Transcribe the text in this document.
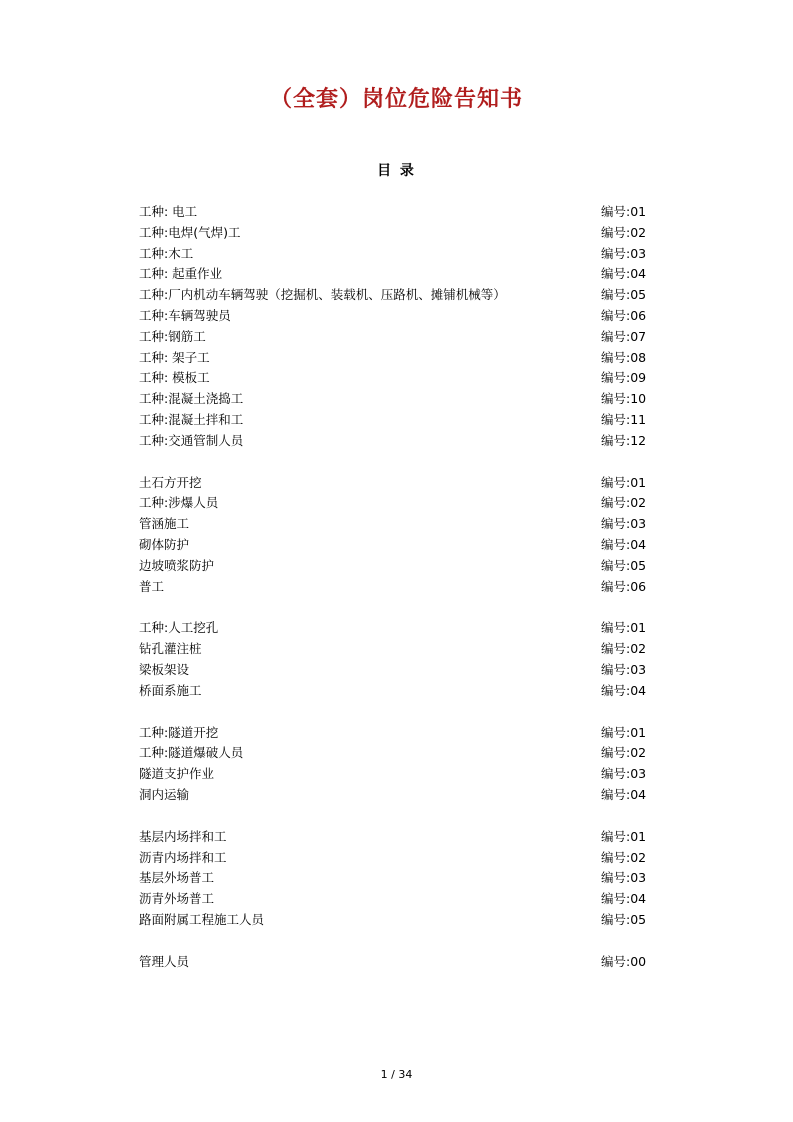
（全套）岗位危险告知书
目 录
工种: 电工	编号:01
工种:电焊(气焊)工	编号:02
工种:木工	编号:03
工种: 起重作业	编号:04
工种:厂内机动车辆驾驶（挖掘机、装载机、压路机、摊铺机械等）	编号:05
工种:车辆驾驶员	编号:06
工种:钢筋工	编号:07
工种: 架子工	编号:08
工种: 模板工	编号:09
工种:混凝土浇捣工	编号:10
工种:混凝土拌和工	编号:11
工种:交通管制人员	编号:12
土石方开挖	编号:01
工种:涉爆人员	编号:02
管涵施工	编号:03
砌体防护	编号:04
边坡喷浆防护	编号:05
普工	编号:06
工种:人工挖孔	编号:01
钻孔灌注桩	编号:02
梁板架设	编号:03
桥面系施工	编号:04
工种:隧道开挖	编号:01
工种:隧道爆破人员	编号:02
隧道支护作业	编号:03
洞内运输	编号:04
基层内场拌和工	编号:01
沥青内场拌和工	编号:02
基层外场普工	编号:03
沥青外场普工	编号:04
路面附属工程施工人员	编号:05
管理人员	编号:00
1 / 34
